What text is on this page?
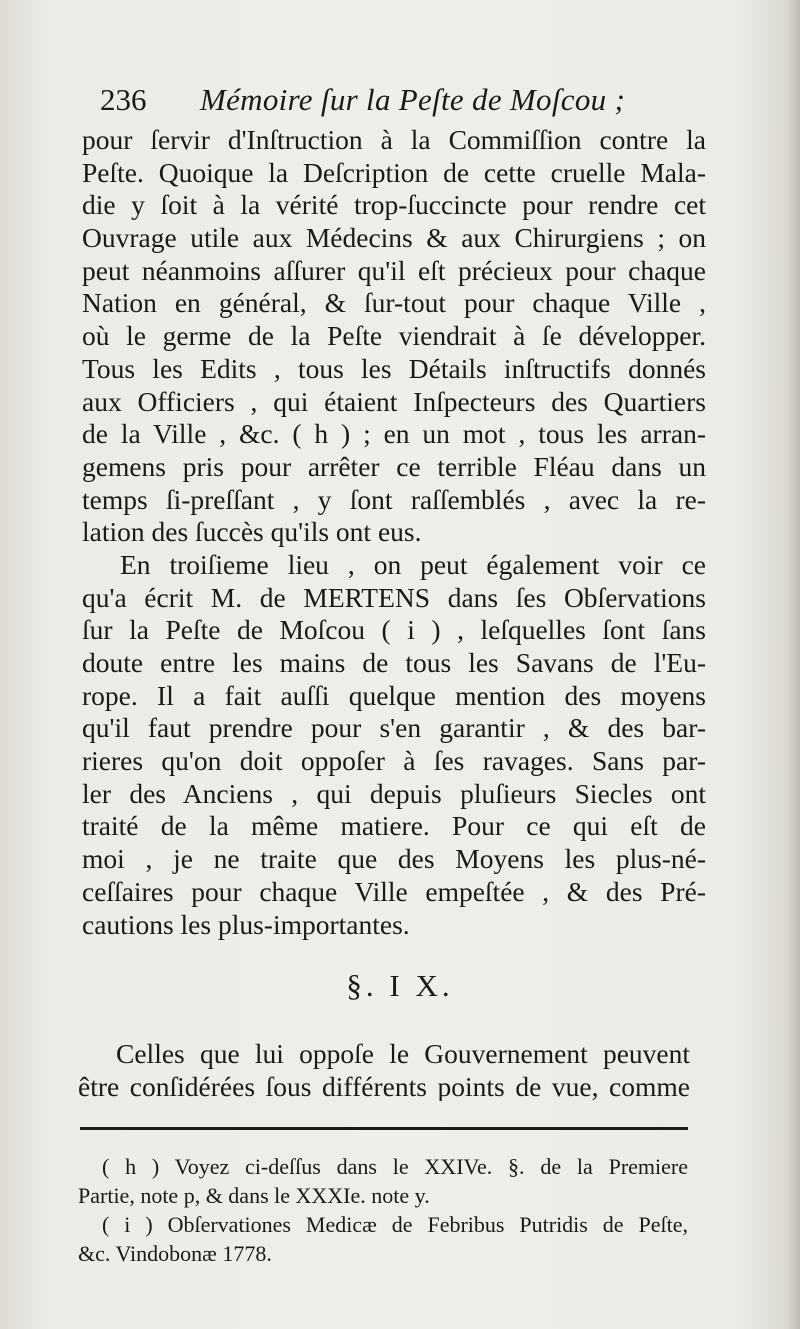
236 Mémoire ſur la Peſte de Moſcou ;
pour ſervir d'Inſtruction à la Commiſſion contre la
Peſte. Quoique la Deſcription de cette cruelle Mala-
die y ſoit à la vérité trop-ſuccincte pour rendre cet
Ouvrage utile aux Médecins & aux Chirurgiens ; on
peut néanmoins aſſurer qu'il eſt précieux pour chaque
Nation en général, & ſur-tout pour chaque Ville ,
où le germe de la Peſte viendrait à ſe développer.
Tous les Edits , tous les Détails inſtructifs donnés
aux Officiers , qui étaient Inſpecteurs des Quartiers
de la Ville , &c. ( h ) ; en un mot , tous les arran-
gemens pris pour arrêter ce terrible Fléau dans un
temps ſi-preſſant , y ſont raſſemblés , avec la re-
lation des ſuccès qu'ils ont eus.
En troiſieme lieu , on peut également voir ce
qu'a écrit M. de MERTENS dans ſes Obſervations
ſur la Peſte de Moſcou ( i ) , leſquelles ſont ſans
doute entre les mains de tous les Savans de l'Eu-
rope. Il a fait auſſi quelque mention des moyens
qu'il faut prendre pour s'en garantir , & des bar-
rieres qu'on doit oppoſer à ſes ravages. Sans par-
ler des Anciens , qui depuis pluſieurs Siecles ont
traité de la même matiere. Pour ce qui eſt de
moi , je ne traite que des Moyens les plus-né-
ceſſaires pour chaque Ville empeſtée , & des Pré-
cautions les plus-importantes.
§. I X.
Celles que lui oppoſe le Gouvernement peuvent
être conſidérées ſous différents points de vue, comme
( h ) Voyez ci-deſſus dans le XXIVe. §. de la Premiere
Partie, note p, & dans le XXXIe. note y.
( i ) Obſervationes Medicæ de Febribus Putridis de Peſte,
&c. Vindobonæ 1778.
